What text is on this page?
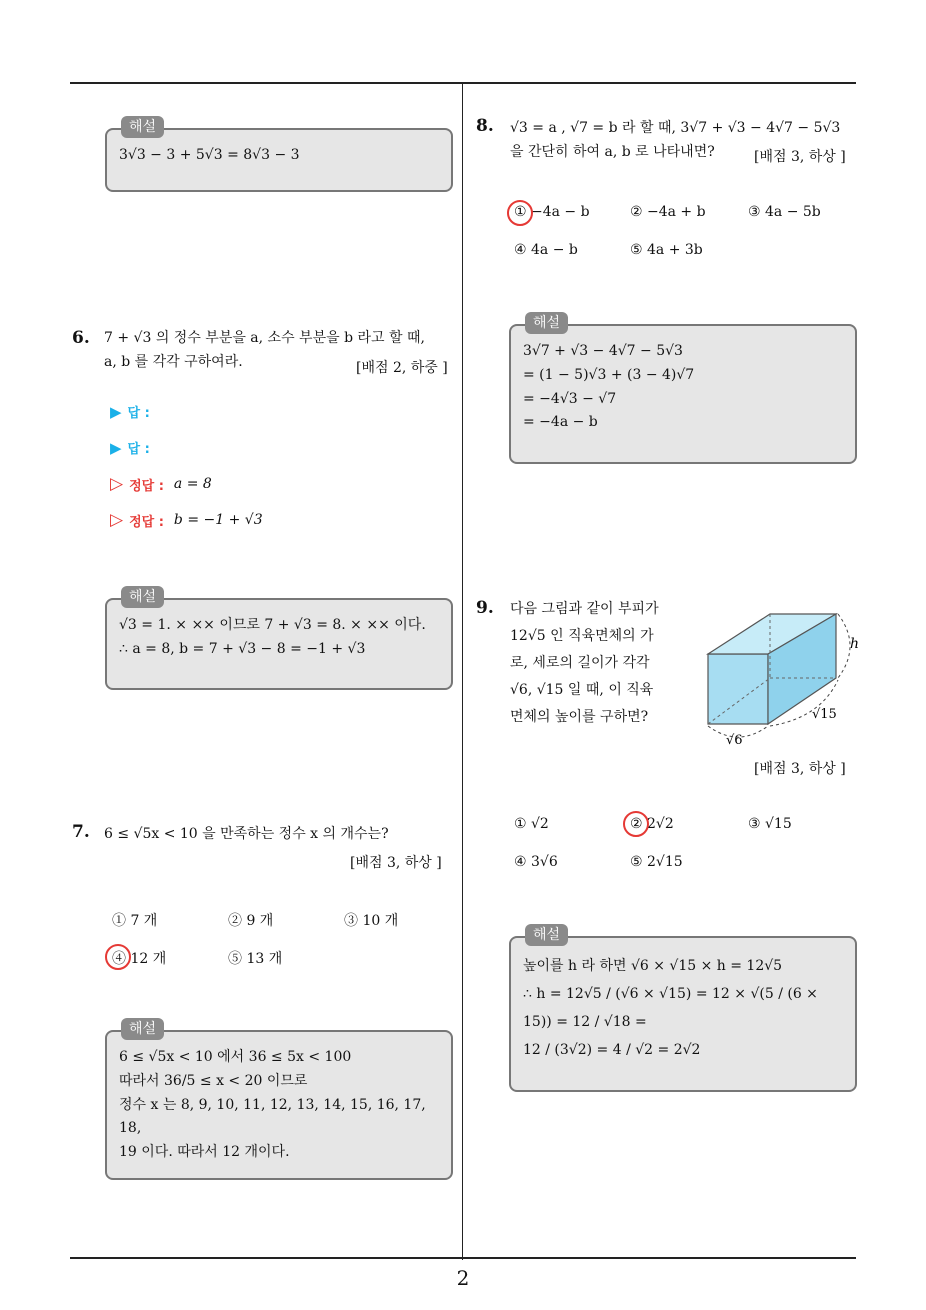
2
해설
3√3 − 3 + 5√3 = 8√3 − 3
6. 7 + √3 의 정수 부분을 a, 소수 부분을 b 라고 할 때,
a, b 를 각각 구하여라.	[배점 2, 하중 ]
▶ 답 :
▶ 답 :
▷ 정답 : a = 8
▷ 정답 : b = −1 + √3
해설
√3 = 1. × ×× 이므로 7 + √3 = 8. × ×× 이다.
∴ a = 8, b = 7 + √3 − 8 = −1 + √3
7. 6 ≤ √5x < 10 을 만족하는 정수 x 의 개수는?
[배점 3, 하상 ]
① 7 개	② 9 개	③ 10 개
④ 12 개	⑤ 13 개
해설
6 ≤ √5x < 10 에서 36 ≤ 5x < 100
따라서 36/5 ≤ x < 20 이므로
정수 x 는 8, 9, 10, 11, 12, 13, 14, 15, 16, 17, 18,
19 이다. 따라서 12 개이다.
8. √3 = a , √7 = b 라 할 때, 3√7 + √3 − 4√7 − 5√3
을 간단히 하여 a, b 로 나타내면?	[배점 3, 하상 ]
① −4a − b	② −4a + b	③ 4a − 5b
④ 4a − b	⑤ 4a + 3b
해설
3√7 + √3 − 4√7 − 5√3
= (1 − 5)√3 + (3 − 4)√7
= −4√3 − √7
= −4a − b
9. 다음 그림과 같이 부피가
12√5 인 직육면체의 가
로, 세로의 길이가 각각
√6, √15 일 때, 이 직육
면체의 높이를 구하면?
h
√15
√6
[배점 3, 하상 ]
① √2	② 2√2	③ √15
④ 3√6	⑤ 2√15
해설
높이를 h 라 하면 √6 × √15 × h = 12√5
∴ h = 12√5 / (√6 × √15) = 12 × √(5 / (6 × 15)) = 12 / √18 =
12 / (3√2) = 4 / √2 = 2√2
